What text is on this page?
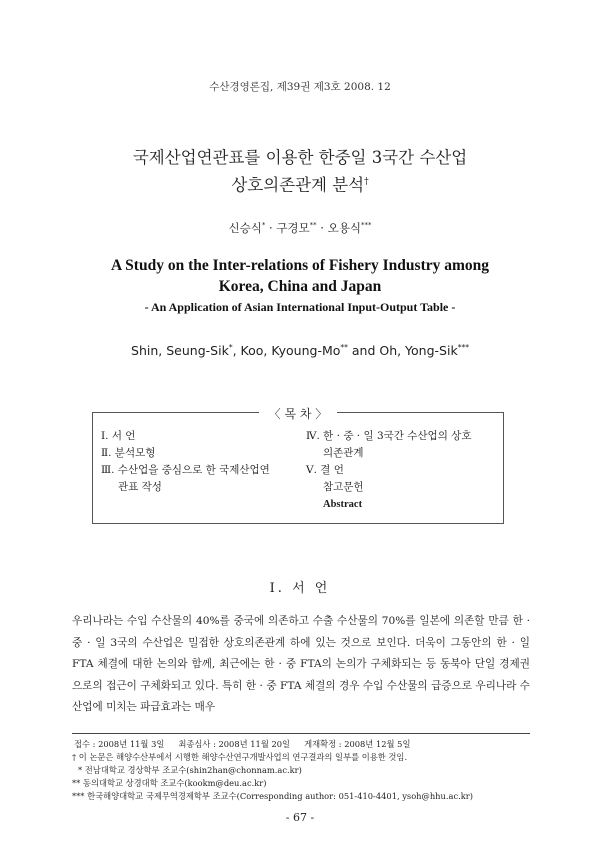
수산경영론집, 제39권 제3호 2008. 12
국제산업연관표를 이용한 한중일 3국간 수산업
상호의존관계 분석†
신승식* · 구경모** · 오용식***
A Study on the Inter-relations of Fishery Industry among
Korea, China and Japan
- An Application of Asian International Input-Output Table -
Shin, Seung-Sik*, Koo, Kyoung-Mo** and Oh, Yong-Sik***
〈 목 차 〉
Ⅰ. 서 언
Ⅱ. 분석모형
Ⅲ. 수산업을 중심으로 한 국제산업연
관표 작성
Ⅳ. 한 · 중 · 일 3국간 수산업의 상호
의존관계
Ⅴ. 결 언
참고문헌
Abstract
Ⅰ. 서 언
우리나라는 수입 수산물의 40%를 중국에 의존하고 수출 수산물의 70%를 일본에 의존할 만큼 한 · 중 · 일 3국의 수산업은 밀접한 상호의존관계 하에 있는 것으로 보인다. 더욱이 그동안의 한 · 일 FTA 체결에 대한 논의와 함께, 최근에는 한 · 중 FTA의 논의가 구체화되는 등 동북아 단일 경제권으로의 접근이 구체화되고 있다. 특히 한 · 중 FTA 체결의 경우 수입 수산물의 급증으로 우리나라 수산업에 미치는 파급효과는 매우
접수 : 2008년 11월 3일 최종심사 : 2008년 11월 20일 게재확정 : 2008년 12월 5일
† 이 논문은 해양수산부에서 시행한 해양수산연구개발사업의 연구결과의 일부를 이용한 것임.
* 전남대학교 경상학부 조교수(shin2han@chonnam.ac.kr)
** 동의대학교 상경대학 조교수(kookm@deu.ac.kr)
*** 한국해양대학교 국제무역경제학부 조교수(Corresponding author: 051-410-4401, ysoh@hhu.ac.kr)
- 67 -
